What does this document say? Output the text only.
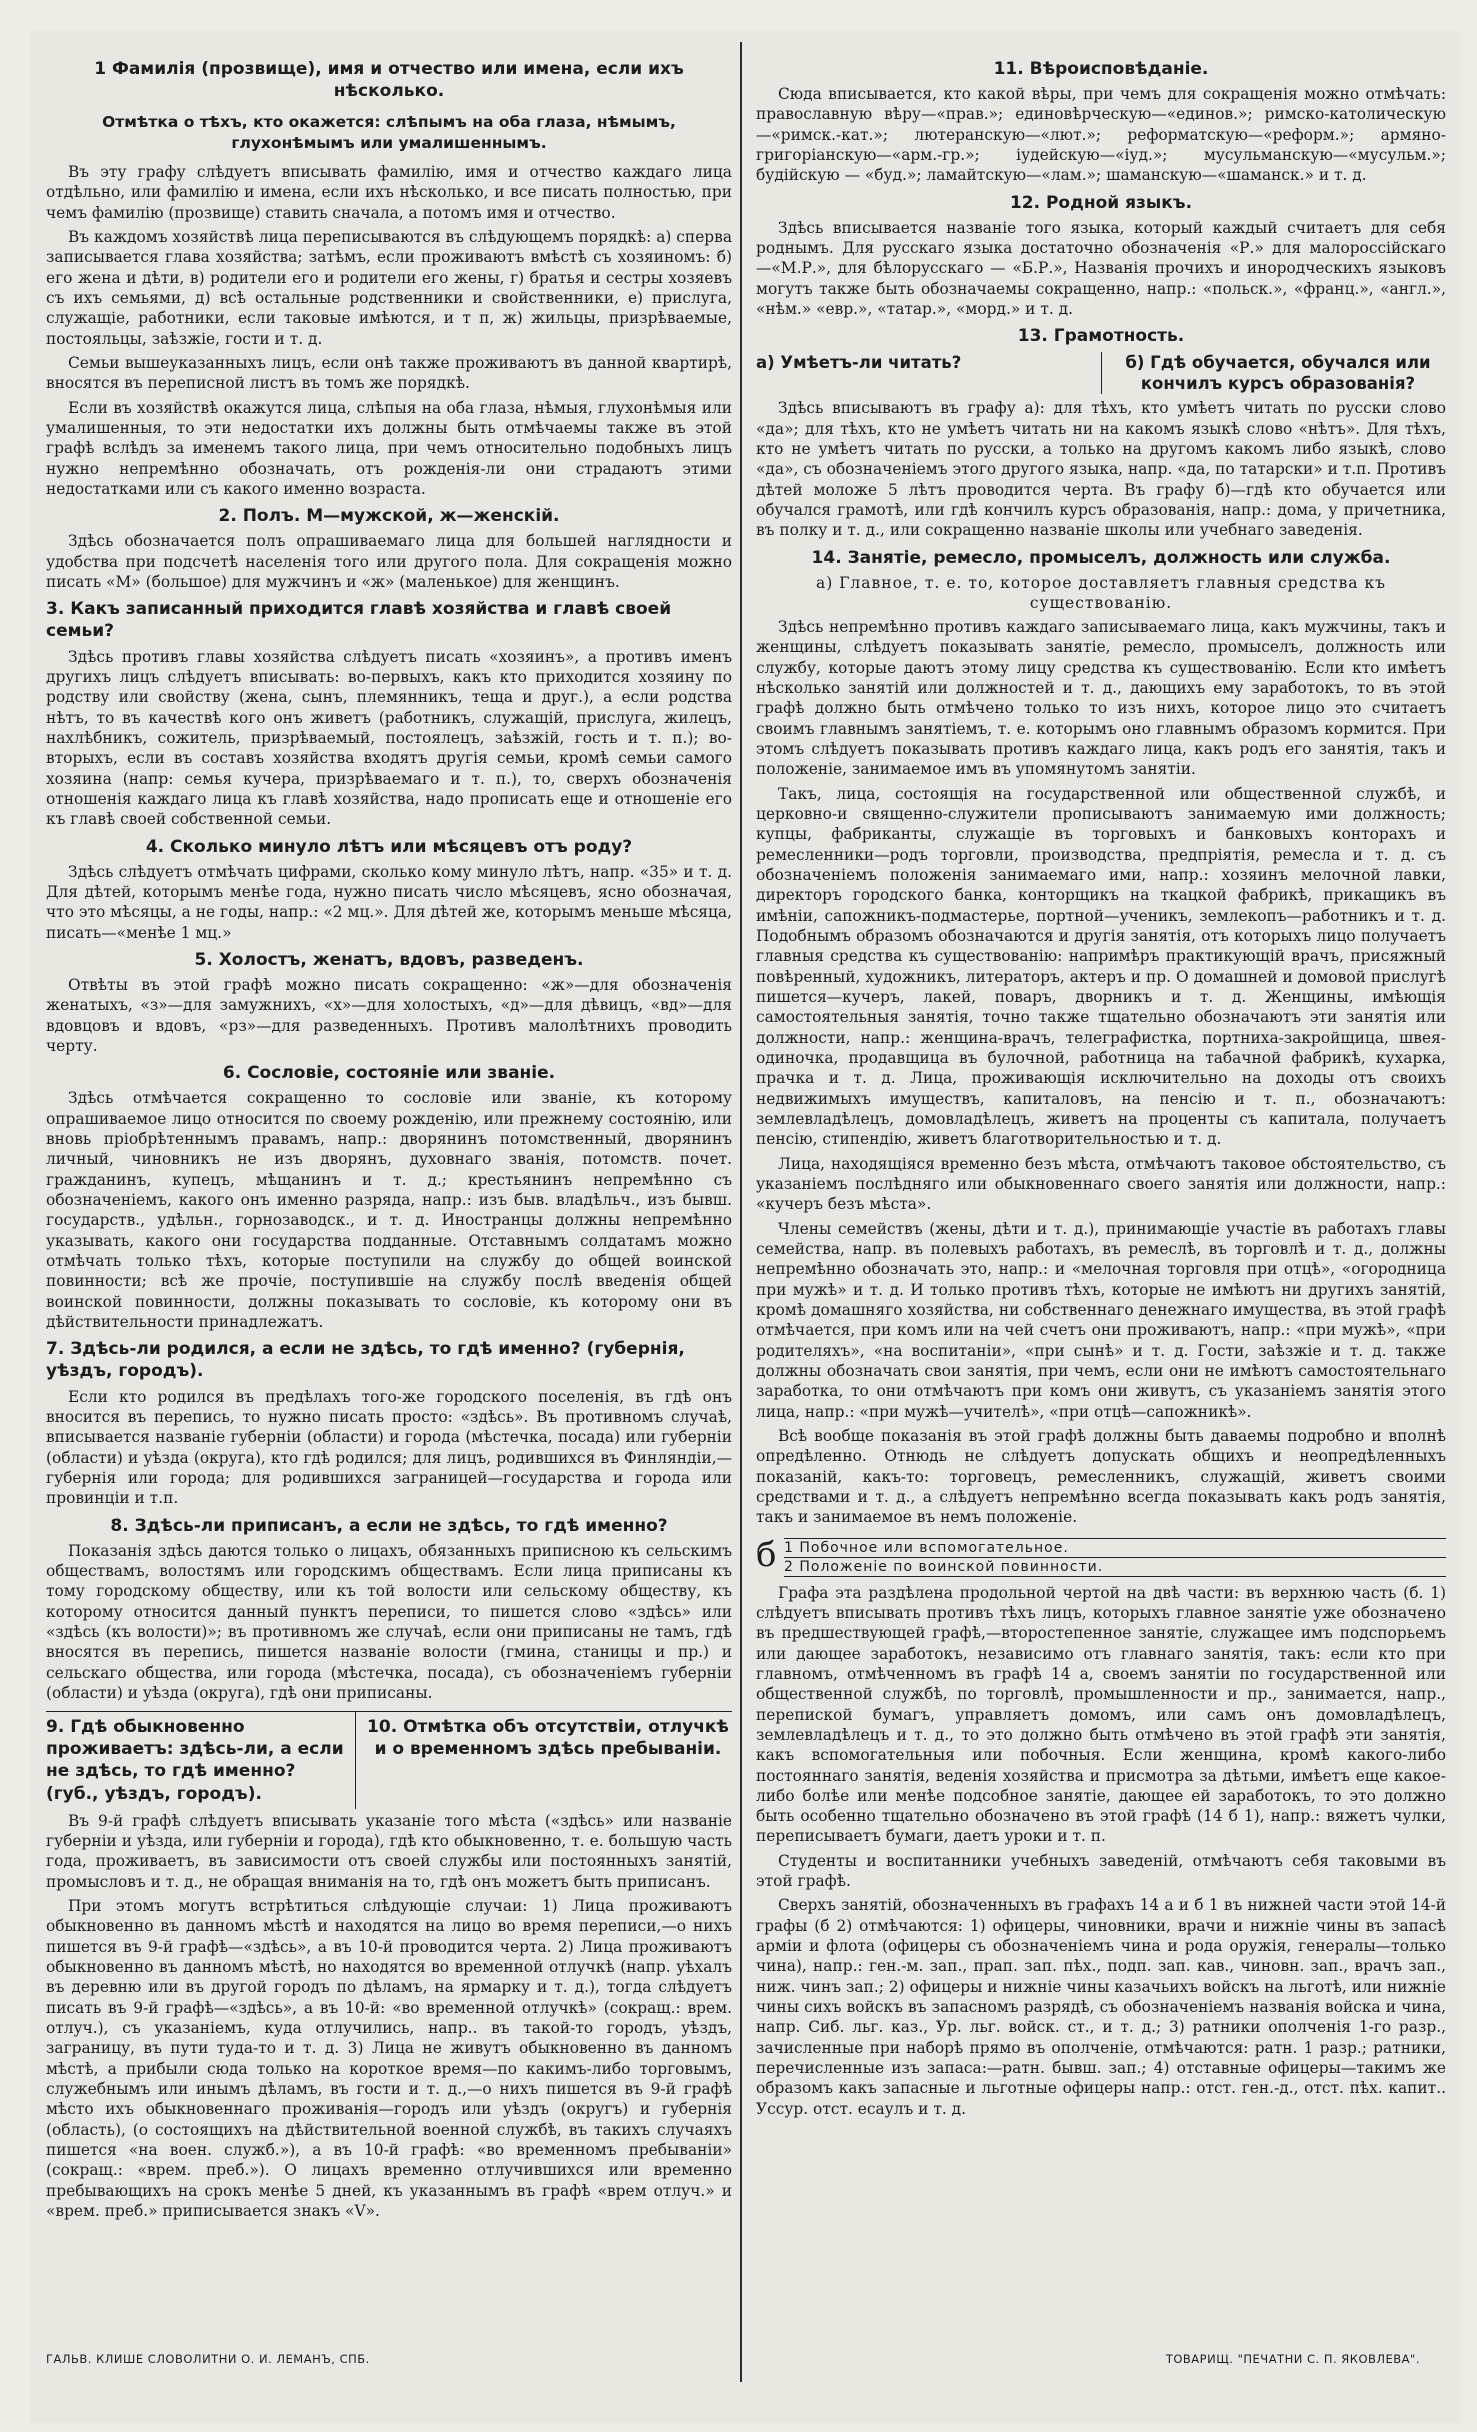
1 Фамилія (прозвище), имя и отчество или имена, если ихъ нѣсколько.
Отмѣтка о тѣхъ, кто окажется: слѣпымъ на оба глаза, нѣмымъ, глухонѣмымъ или умалишеннымъ.

Въ эту графу слѣдуетъ вписывать фамилію, имя и отчество каждаго лица отдѣльно, или фамилію и имена, если ихъ нѣсколько, и все писать полностью, при чемъ фамилію (прозвище) ставить сначала, а потомъ имя и отчество.

Въ каждомъ хозяйствѣ лица переписываются въ слѣдующемъ порядкѣ: а) сперва записывается глава хозяйства; затѣмъ, если проживаютъ вмѣстѣ съ хозяиномъ: б) его жена и дѣти, в) родители его и родители его жены, г) братья и сестры хозяевъ съ ихъ семьями, д) всѣ остальные родственники и свойственники, е) прислуга, служащіе, работники, если таковые имѣются, и т п, ж) жильцы, призрѣваемые, постояльцы, заѣзжіе, гости и т. д.

Семьи вышеуказанныхъ лицъ, если онѣ также проживаютъ въ данной квартирѣ, вносятся въ переписной листъ въ томъ же порядкѣ.

Если въ хозяйствѣ окажутся лица, слѣпыя на оба глаза, нѣмыя, глухонѣмыя или умалишенныя, то эти недостатки ихъ должны быть отмѣчаемы также въ этой графѣ вслѣдъ за именемъ такого лица, при чемъ относительно подобныхъ лицъ нужно непремѣнно обозначать, отъ рожденія-ли они страдаютъ этими недостатками или съ какого именно возраста.

2. Полъ. М—мужской, ж—женскій.

Здѣсь обозначается полъ опрашиваемаго лица для большей наглядности и удобства при подсчетѣ населенія того или другого пола. Для сокращенія можно писать «М» (большое) для мужчинъ и «ж» (маленькое) для женщинъ.

3. Какъ записанный приходится главѣ хозяйства и главѣ своей семьи?

Здѣсь противъ главы хозяйства слѣдуетъ писать «хозяинъ», а противъ именъ другихъ лицъ слѣдуетъ вписывать: во-первыхъ, какъ кто приходится хозяину по родству или свойству (жена, сынъ, племянникъ, теща и друг.), а если родства нѣтъ, то въ качествѣ кого онъ живетъ (работникъ, служащій, прислуга, жилецъ, нахлѣбникъ, сожитель, призрѣваемый, постоялецъ, заѣзжій, гость и т. п.); во-вторыхъ, если въ составъ хозяйства входятъ другія семьи, кромѣ семьи самого хозяина (напр: семья кучера, призрѣваемаго и т. п.), то, сверхъ обозначенія отношенія каждаго лица къ главѣ хозяйства, надо прописать еще и отношеніе его къ главѣ своей собственной семьи.

4. Сколько минуло лѣтъ или мѣсяцевъ отъ роду?

Здѣсь слѣдуетъ отмѣчать цифрами, сколько кому минуло лѣтъ, напр. «35» и т. д. Для дѣтей, которымъ менѣе года, нужно писать число мѣсяцевъ, ясно обозначая, что это мѣсяцы, а не годы, напр.: «2 мц.». Для дѣтей же, которымъ меньше мѣсяца, писать—«менѣе 1 мц.»

5. Холостъ, женатъ, вдовъ, разведенъ.

Отвѣты въ этой графѣ можно писать сокращенно: «ж»—для обозначенія женатыхъ, «з»—для замужнихъ, «х»—для холостыхъ, «д»—для дѣвицъ, «вд»—для вдовцовъ и вдовъ, «рз»—для разведенныхъ. Противъ малолѣтнихъ проводить черту.

6. Сословіе, состояніе или званіе.

Здѣсь отмѣчается сокращенно то сословіе или званіе, къ которому опрашиваемое лицо относится по своему рожденію, или прежнему состоянію, или вновь пріобрѣтеннымъ правамъ, напр.: дворянинъ потомственный, дворянинъ личный, чиновникъ не изъ дворянъ, духовнаго званія, потомств. почет. гражданинъ, купецъ, мѣщанинъ и т. д.; крестьянинъ непремѣнно съ обозначеніемъ, какого онъ именно разряда, напр.: изъ быв. владѣльч., изъ бывш. государств., удѣльн., горнозаводск., и т. д. Иностранцы должны непремѣнно указывать, какого они государства подданные. Отставнымъ солдатамъ можно отмѣчать только тѣхъ, которые поступили на службу до общей воинской повинности; всѣ же прочіе, поступившіе на службу послѣ введенія общей воинской повинности, должны показывать то сословіе, къ которому они въ дѣйствительности принадлежатъ.

7. Здѣсь-ли родился, а если не здѣсь, то гдѣ именно? (губернія, уѣздъ, городъ).

Если кто родился въ предѣлахъ того-же городского поселенія, въ гдѣ онъ вносится въ перепись, то нужно писать просто: «здѣсь». Въ противномъ случаѣ, вписывается названіе губерніи (области) и города (мѣстечка, посада) или губерніи (области) и уѣзда (округа), кто гдѣ родился; для лицъ, родившихся въ Финляндіи,—губернія или города; для родившихся заграницей—государства и города или провинціи и т.п.

8. Здѣсь-ли приписанъ, а если не здѣсь, то гдѣ именно?

Показанія здѣсь даются только о лицахъ, обязанныхъ приписною къ сельскимъ обществамъ, волостямъ или городскимъ обществамъ. Если лица приписаны къ тому городскому обществу, или къ той волости или сельскому обществу, къ которому относится данный пунктъ переписи, то пишется слово «здѣсь» или «здѣсь (къ волости)»; въ противномъ же случаѣ, если они приписаны не тамъ, гдѣ вносятся въ перепись, пишется названіе волости (гмина, станицы и пр.) и сельскаго общества, или города (мѣстечка, посада), съ обозначеніемъ губерніи (области) и уѣзда (округа), гдѣ они приписаны.

9. Гдѣ обыкновенно проживаетъ: здѣсь-ли, а если не здѣсь, то гдѣ именно? (губ., уѣздъ, городъ).
10. Отмѣтка объ отсутствіи, отлучкѣ и о временномъ здѣсь пребываніи.

Въ 9-й графѣ слѣдуетъ вписывать указаніе того мѣста («здѣсь» или названіе губерніи и уѣзда, или губерніи и города), гдѣ кто обыкновенно, т. е. большую часть года, проживаетъ, въ зависимости отъ своей службы или постоянныхъ занятій, промысловъ и т. д., не обращая вниманія на то, гдѣ онъ можетъ быть приписанъ.

При этомъ могутъ встрѣтиться слѣдующіе случаи: 1) Лица проживаютъ обыкновенно въ данномъ мѣстѣ и находятся на лицо во время переписи,—о нихъ пишется въ 9-й графѣ—«здѣсь», а въ 10-й проводится черта. 2) Лица проживаютъ обыкновенно въ данномъ мѣстѣ, но находятся во временной отлучкѣ (напр. уѣхалъ въ деревню или въ другой городъ по дѣламъ, на ярмарку и т. д.), тогда слѣдуетъ писать въ 9-й графѣ—«здѣсь», а въ 10-й: «во временной отлучкѣ» (сокращ.: врем. отлуч.), съ указаніемъ, куда отлучились, напр.. въ такой-то городъ, уѣздъ, заграницу, въ пути туда-то и т. д. 3) Лица не живутъ обыкновенно въ данномъ мѣстѣ, а прибыли сюда только на короткое время—по какимъ-либо торговымъ, служебнымъ или инымъ дѣламъ, въ гости и т. д.,—о нихъ пишется въ 9-й графѣ мѣсто ихъ обыкновеннаго проживанія—городъ или уѣздъ (округъ) и губернія (область), (о состоящихъ на дѣйствительной военной службѣ, въ такихъ случаяхъ пишется «на воен. служб.»), а въ 10-й графѣ: «во временномъ пребываніи» (сокращ.: «врем. преб.»). О лицахъ временно отлучившихся или временно пребывающихъ на срокъ менѣе 5 дней, къ указаннымъ въ графѣ «врем отлуч.» и «врем. преб.» приписывается знакъ «V».

11. Вѣроисповѣданіе.

Сюда вписывается, кто какой вѣры, при чемъ для сокращенія можно отмѣчать: православную вѣру—«прав.»; единовѣрческую—«единов.»; римско-католическую—«римск.-кат.»; лютеранскую—«лют.»; реформатскую—«реформ.»; армяно-григоріанскую—«арм.-гр.»; іудейскую—«іуд.»; мусульманскую—«мусульм.»; будійскую — «буд.»; ламайтскую—«лам.»; шаманскую—«шаманск.» и т. д.

12. Родной языкъ.

Здѣсь вписывается названіе того языка, который каждый считаетъ для себя роднымъ. Для русскаго языка достаточно обозначенія «Р.» для малороссійскаго—«М.Р.», для бѣлорусскаго — «Б.Р.», Названія прочихъ и инородческихъ языковъ могутъ также быть обозначаемы сокращенно, напр.: «польск.», «франц.», «англ.», «нѣм.» «евр.», «татар.», «морд.» и т. д.

13. Грамотность.
а) Умѣетъ-ли читать?	б) Гдѣ обучается, обучался или кончилъ курсъ образованія?

Здѣсь вписываютъ въ графу а): для тѣхъ, кто умѣетъ читать по русски слово «да»; для тѣхъ, кто не умѣетъ читать ни на какомъ языкѣ слово «нѣтъ». Для тѣхъ, кто не умѣетъ читать по русски, а только на другомъ какомъ либо языкѣ, слово «да», съ обозначеніемъ этого другого языка, напр. «да, по татарски» и т.п. Противъ дѣтей моложе 5 лѣтъ проводится черта. Въ графу б)—гдѣ кто обучается или обучался грамотѣ, или гдѣ кончилъ курсъ образованія, напр.: дома, у причетника, въ полку и т. д., или сокращенно названіе школы или учебнаго заведенія.

14. Занятіе, ремесло, промыселъ, должность или служба.
а) Главное, т. е. то, которое доставляетъ главныя средства къ существованію.

Здѣсь непремѣнно противъ каждаго записываемаго лица, какъ мужчины, такъ и женщины, слѣдуетъ показывать занятіе, ремесло, промыселъ, должность или службу, которые даютъ этому лицу средства къ существованію. Если кто имѣетъ нѣсколько занятій или должностей и т. д., дающихъ ему заработокъ, то въ этой графѣ должно быть отмѣчено только то изъ нихъ, которое лицо это считаетъ своимъ главнымъ занятіемъ, т. е. которымъ оно главнымъ образомъ кормится. При этомъ слѣдуетъ показывать противъ каждаго лица, какъ родъ его занятія, такъ и положеніе, занимаемое имъ въ упомянутомъ занятіи.

Такъ, лица, состоящія на государственной или общественной службѣ, и церковно-и священно-служители прописываютъ занимаемую ими должность; купцы, фабриканты, служащіе въ торговыхъ и банковыхъ конторахъ и ремесленники—родъ торговли, производства, предпріятія, ремесла и т. д. съ обозначеніемъ положенія занимаемаго ими, напр.: хозяинъ мелочной лавки, директоръ городского банка, конторщикъ на ткацкой фабрикѣ, прикащикъ въ имѣніи, сапожникъ-подмастерье, портной—ученикъ, землекопъ—работникъ и т. д. Подобнымъ образомъ обозначаются и другія занятія, отъ которыхъ лицо получаетъ главныя средства къ существованію: напримѣръ практикующій врачъ, присяжный повѣренный, художникъ, литераторъ, актеръ и пр. О домашней и домовой прислугѣ пишется—кучеръ, лакей, поваръ, дворникъ и т. д. Женщины, имѣющія самостоятельныя занятія, точно также тщательно обозначаютъ эти занятія или должности, напр.: женщина-врачъ, телеграфистка, портниха-закройщица, швея-одиночка, продавщица въ булочной, работница на табачной фабрикѣ, кухарка, прачка и т. д. Лица, проживающія исключительно на доходы отъ своихъ недвижимыхъ имуществъ, капиталовъ, на пенсію и т. п., обозначаютъ: землевладѣлецъ, домовладѣлецъ, живетъ на проценты съ капитала, получаетъ пенсію, стипендію, живетъ благотворительностью и т. д.

Лица, находящіяся временно безъ мѣста, отмѣчаютъ таковое обстоятельство, съ указаніемъ послѣдняго или обыкновеннаго своего занятія или должности, напр.: «кучеръ безъ мѣста».

Члены семействъ (жены, дѣти и т. д.), принимающіе участіе въ работахъ главы семейства, напр. въ полевыхъ работахъ, въ ремеслѣ, въ торговлѣ и т. д., должны непремѣнно обозначать это, напр.: и «мелочная торговля при отцѣ», «огородница при мужѣ» и т. д. И только противъ тѣхъ, которые не имѣютъ ни другихъ занятій, кромѣ домашняго хозяйства, ни собственнаго денежнаго имущества, въ этой графѣ отмѣчается, при комъ или на чей счетъ они проживаютъ, напр.: «при мужѣ», «при родителяхъ», «на воспитаніи», «при сынѣ» и т. д. Гости, заѣзжіе и т. д. также должны обозначать свои занятія, при чемъ, если они не имѣютъ самостоятельнаго заработка, то они отмѣчаютъ при комъ они живутъ, съ указаніемъ занятія этого лица, напр.: «при мужѣ—учителѣ», «при отцѣ—сапожникѣ».

Всѣ вообще показанія въ этой графѣ должны быть даваемы подробно и вполнѣ опредѣленно. Отнюдь не слѣдуетъ допускать общихъ и неопредѣленныхъ показаній, какъ-то: торговецъ, ремесленникъ, служащій, живетъ своими средствами и т. д., а слѣдуетъ непремѣнно всегда показывать какъ родъ занятія, такъ и занимаемое въ немъ положеніе.

б 1 Побочное или вспомогательное.
2 Положеніе по воинской повинности.

Графа эта раздѣлена продольной чертой на двѣ части: въ верхнюю часть (б. 1) слѣдуетъ вписывать противъ тѣхъ лицъ, которыхъ главное занятіе уже обозначено въ предшествующей графѣ,—второстепенное занятіе, служащее имъ подспорьемъ или дающее заработокъ, независимо отъ главнаго занятія, такъ: если кто при главномъ, отмѣченномъ въ графѣ 14 а, своемъ занятіи по государственной или общественной службѣ, по торговлѣ, промышленности и пр., занимается, напр., перепиской бумагъ, управляетъ домомъ, или самъ онъ домовладѣлецъ, землевладѣлецъ и т. д., то это должно быть отмѣчено въ этой графѣ эти занятія, какъ вспомогательныя или побочныя. Если женщина, кромѣ какого-либо постояннаго занятія, веденія хозяйства и присмотра за дѣтьми, имѣетъ еще какое-либо болѣе или менѣе подсобное занятіе, дающее ей заработокъ, то это должно быть особенно тщательно обозначено въ этой графѣ (14 б 1), напр.: вяжетъ чулки, переписываетъ бумаги, даетъ уроки и т. п.

Студенты и воспитанники учебныхъ заведеній, отмѣчаютъ себя таковыми въ этой графѣ.

Сверхъ занятій, обозначенныхъ въ графахъ 14 а и б 1 въ нижней части этой 14-й графы (б 2) отмѣчаются: 1) офицеры, чиновники, врачи и нижніе чины въ запасѣ арміи и флота (офицеры съ обозначеніемъ чина и рода оружія, генералы—только чина), напр.: ген.-м. зап., прап. зап. пѣх., подп. зап. кав., чиновн. зап., врачъ зап., ниж. чинъ зап.; 2) офицеры и нижніе чины казачьихъ войскъ на льготѣ, или нижніе чины сихъ войскъ въ запасномъ разрядѣ, съ обозначеніемъ названія войска и чина, напр. Сиб. льг. каз., Ур. льг. войск. ст., и т. д.; 3) ратники ополченія 1-го разр., зачисленные при наборѣ прямо въ ополченіе, отмѣчаются: ратн. 1 разр.; ратники, перечисленные изъ запаса:—ратн. бывш. зап.; 4) отставные офицеры—такимъ же образомъ какъ запасные и льготные офицеры напр.: отст. ген.-д., отст. пѣх. капит.. Уссур. отст. есаулъ и т. д.

ГАЛЬВ. КЛИШЕ СЛОВОЛИТНИ О. И. ЛЕМАНЪ, СПБ.	ТОВАРИЩ. "ПЕЧАТНИ С. П. ЯКОВЛЕВА".
